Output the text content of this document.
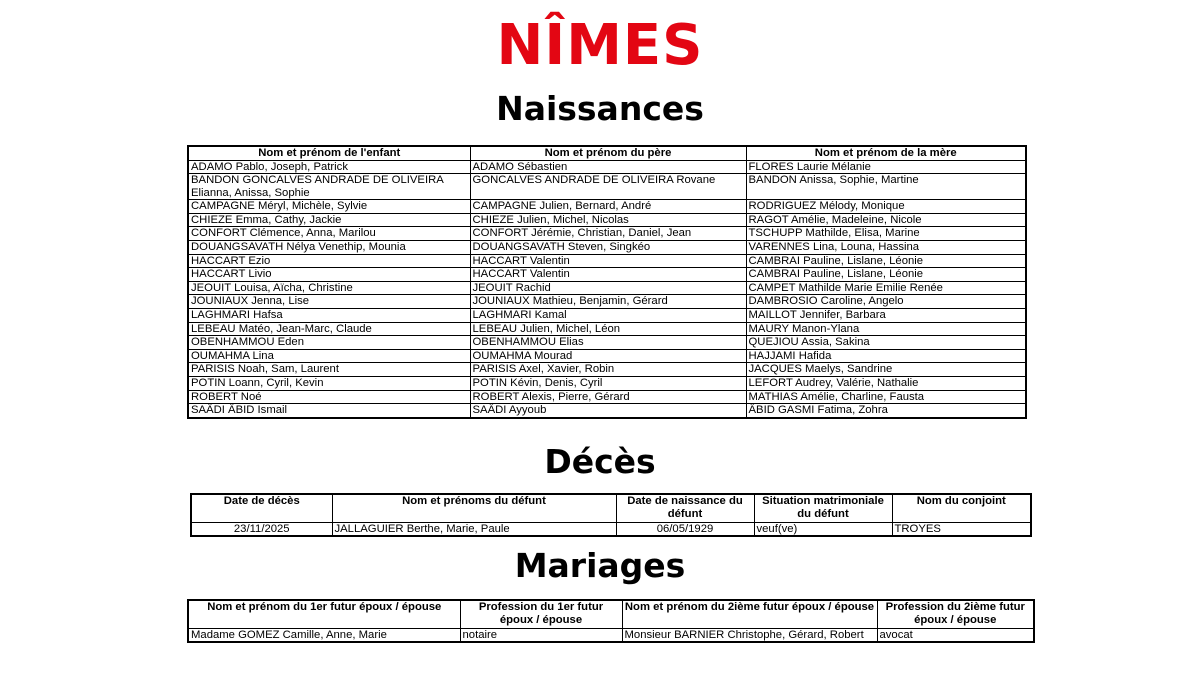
NÎMES
Naissances
Nom et prénom de l'enfant	Nom et prénom du père	Nom et prénom de la mère
ADAMO Pablo, Joseph, Patrick	ADAMO Sébastien	FLORES Laurie Mélanie
BANDON GONCALVES ANDRADE DE OLIVEIRA Elianna, Anissa, Sophie	GONCALVES ANDRADE DE OLIVEIRA Rovane	BANDON Anissa, Sophie, Martine
CAMPAGNE Méryl, Michèle, Sylvie	CAMPAGNE Julien, Bernard, André	RODRIGUEZ Mélody, Monique
CHIEZE Emma, Cathy, Jackie	CHIEZE Julien, Michel, Nicolas	RAGOT Amélie, Madeleine, Nicole
CONFORT Clémence, Anna, Marilou	CONFORT Jérémie, Christian, Daniel, Jean	TSCHUPP Mathilde, Elisa, Marine
DOUANGSAVATH Nélya Venethip, Mounia	DOUANGSAVATH Steven, Singkéo	VARENNES Lina, Louna, Hassina
HACCART Ezio	HACCART Valentin	CAMBRAI Pauline, Lislane, Léonie
HACCART Livio	HACCART Valentin	CAMBRAI Pauline, Lislane, Léonie
JEOUIT Louisa, Aïcha, Christine	JEOUIT Rachid	CAMPET Mathilde Marie Emilie Renée
JOUNIAUX Jenna, Lise	JOUNIAUX Mathieu, Benjamin, Gérard	DAMBROSIO Caroline, Angelo
LAGHMARI Hafsa	LAGHMARI Kamal	MAILLOT Jennifer, Barbara
LEBEAU Matéo, Jean-Marc, Claude	LEBEAU Julien, Michel, Léon	MAURY Manon-Ylana
OBENHAMMOU Eden	OBENHAMMOU Elias	QUEJIOU Assia, Sakina
OUMAHMA Lina	OUMAHMA Mourad	HAJJAMI Hafida
PARISIS Noah, Sam, Laurent	PARISIS Axel, Xavier, Robin	JACQUES Maelys, Sandrine
POTIN Loann, Cyril, Kevin	POTIN Kévin, Denis, Cyril	LEFORT Audrey, Valérie, Nathalie
ROBERT Noé	ROBERT Alexis, Pierre, Gérard	MATHIAS Amélie, Charline, Fausta
SAÂDI ÂBID Ismail	SAÂDI Ayyoub	ÂBID GASMI Fatima, Zohra
Décès
Date de décès	Nom et prénoms du défunt	Date de naissance du défunt	Situation matrimoniale du défunt	Nom du conjoint
23/11/2025	JALLAGUIER Berthe, Marie, Paule	06/05/1929	veuf(ve)	TROYES
Mariages
Nom et prénom du 1er futur époux / épouse	Profession du 1er futur époux / épouse	Nom et prénom du 2ième futur époux / épouse	Profession du 2ième futur époux / épouse
Madame GOMEZ Camille, Anne, Marie	notaire	Monsieur BARNIER Christophe, Gérard, Robert	avocat
